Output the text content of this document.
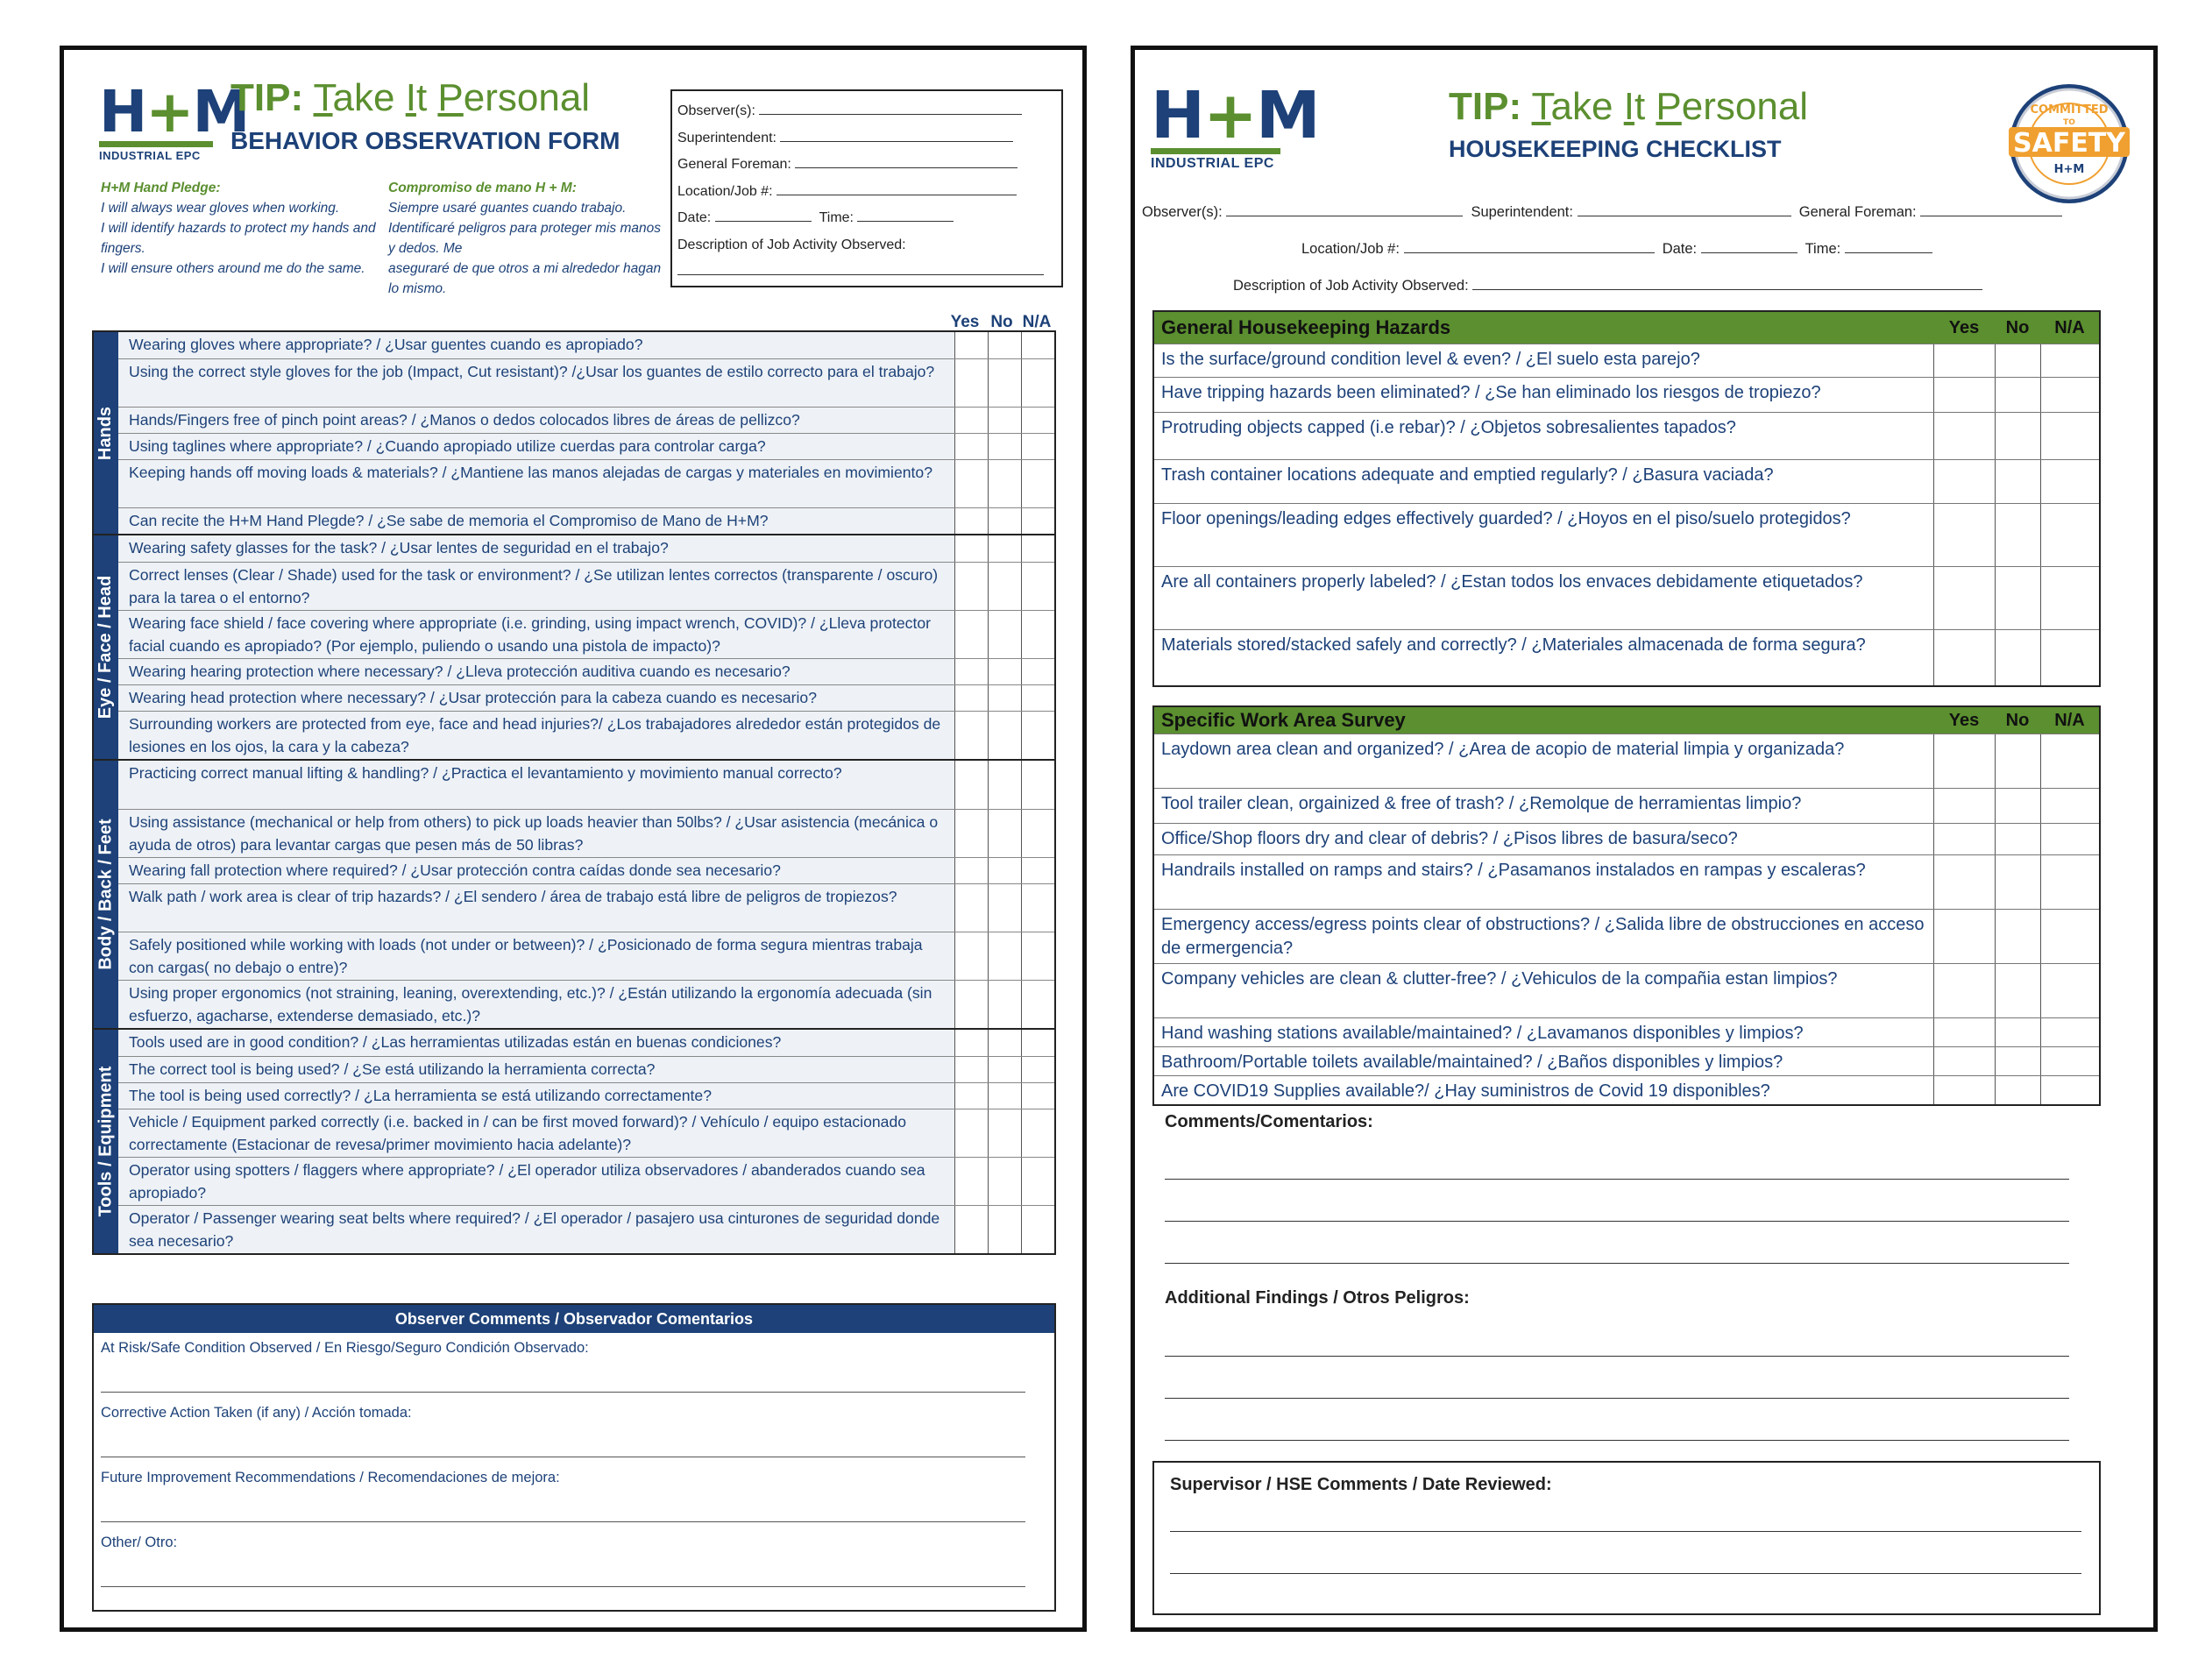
H+M
INDUSTRIAL EPC
TIP: Take It Personal
BEHAVIOR OBSERVATION FORM
H+M Hand Pledge:
I will always wear gloves when working.
I will identify hazards to protect my hands and fingers.
I will ensure others around me do the same.
Compromiso de mano H + M:
Siempre usaré guantes cuando trabajo.
Identificaré peligros para proteger mis manos y dedos. Me
aseguraré de que otros a mi alrededor hagan lo mismo.
Observer(s):
Superintendent:
General Foreman:
Location/Job #:
Date:	Time:
Description of Job Activity Observed:
Yes No N/A
Hands
Wearing gloves where appropriate? / ¿Usar guentes cuando es apropiado?
Using the correct style gloves for the job (Impact, Cut resistant)? /¿Usar los guantes de estilo correcto para el trabajo?
Hands/Fingers free of pinch point areas? / ¿Manos o dedos colocados libres de áreas de pellizco?
Using taglines where appropriate? / ¿Cuando apropiado utilize cuerdas para controlar carga?
Keeping hands off moving loads & materials? / ¿Mantiene las manos alejadas de cargas y materiales en movimiento?
Can recite the H+M Hand Plegde? / ¿Se sabe de memoria el Compromiso de Mano de H+M?
Eye / Face / Head
Wearing safety glasses for the task? / ¿Usar lentes de seguridad en el trabajo?
Correct lenses (Clear / Shade) used for the task or environment? / ¿Se utilizan lentes correctos (transparente / oscuro) para la tarea o el entorno?
Wearing face shield / face covering where appropriate (i.e. grinding, using impact wrench, COVID)? / ¿Lleva protector facial cuando es apropiado? (Por ejemplo, puliendo o usando una pistola de impacto)?
Wearing hearing protection where necessary? / ¿Lleva protección auditiva cuando es necesario?
Wearing head protection where necessary? / ¿Usar protección para la cabeza cuando es necesario?
Surrounding workers are protected from eye, face and head injuries?/ ¿Los trabajadores alrededor están protegidos de lesiones en los ojos, la cara y la cabeza?
Body / Back / Feet
Practicing correct manual lifting & handling? / ¿Practica el levantamiento y movimiento manual correcto?
Using assistance (mechanical or help from others) to pick up loads heavier than 50lbs? / ¿Usar asistencia (mecánica o ayuda de otros) para levantar cargas que pesen más de 50 libras?
Wearing fall protection where required? / ¿Usar protección contra caídas donde sea necesario?
Walk path / work area is clear of trip hazards? / ¿El sendero / área de trabajo está libre de peligros de tropiezos?
Safely positioned while working with loads (not under or between)? / ¿Posicionado de forma segura mientras trabaja con cargas( no debajo o entre)?
Using proper ergonomics (not straining, leaning, overextending, etc.)? / ¿Están utilizando la ergonomía adecuada (sin esfuerzo, agacharse, extenderse demasiado, etc.)?
Tools / Equipment
Tools used are in good condition? / ¿Las herramientas utilizadas están en buenas condiciones?
The correct tool is being used? / ¿Se está utilizando la herramienta correcta?
The tool is being used correctly? / ¿La herramienta se está utilizando correctamente?
Vehicle / Equipment parked correctly (i.e. backed in / can be first moved forward)? / Vehículo / equipo estacionado correctamente (Estacionar de revesa/primer movimiento hacia adelante)?
Operator using spotters / flaggers where appropriate? / ¿El operador utiliza observadores / abanderados cuando sea apropiado?
Operator / Passenger wearing seat belts where required? / ¿El operador / pasajero usa cinturones de seguridad donde sea necesario?
Observer Comments / Observador Comentarios
At Risk/Safe Condition Observed / En Riesgo/Seguro Condición Observado:
Corrective Action Taken (if any) / Acción tomada:
Future Improvement Recommendations / Recomendaciones de mejora:
Other/ Otro:
H+M
INDUSTRIAL EPC
TIP: Take It Personal
HOUSEKEEPING CHECKLIST
COMMITTED
TO
SAFETY
H+M
Observer(s):	Superintendent:	General Foreman:
Location/Job #:	Date:	Time:
Description of Job Activity Observed:
General Housekeeping Hazards	Yes	No	N/A
Is the surface/ground condition level & even? / ¿El suelo esta parejo?
Have tripping hazards been eliminated? / ¿Se han eliminado los riesgos de tropiezo?
Protruding objects capped (i.e rebar)? / ¿Objetos sobresalientes tapados?
Trash container locations adequate and emptied regularly? / ¿Basura vaciada?
Floor openings/leading edges effectively guarded? / ¿Hoyos en el piso/suelo protegidos?
Are all containers properly labeled? / ¿Estan todos los envaces debidamente etiquetados?
Materials stored/stacked safely and correctly? / ¿Materiales almacenada de forma segura?
Specific Work Area Survey	Yes	No	N/A
Laydown area clean and organized? / ¿Area de acopio de material limpia y organizada?
Tool trailer clean, orgainized & free of trash? / ¿Remolque de herramientas limpio?
Office/Shop floors dry and clear of debris? / ¿Pisos libres de basura/seco?
Handrails installed on ramps and stairs? / ¿Pasamanos instalados en rampas y escaleras?
Emergency access/egress points clear of obstructions? / ¿Salida libre de obstrucciones en acceso de ermergencia?
Company vehicles are clean & clutter-free? / ¿Vehiculos de la compañia estan limpios?
Hand washing stations available/maintained? / ¿Lavamanos disponibles y limpios?
Bathroom/Portable toilets available/maintained? / ¿Baños disponibles y limpios?
Are COVID19 Supplies available?/ ¿Hay suministros de Covid 19 disponibles?
Comments/Comentarios:
Additional Findings / Otros Peligros:
Supervisor / HSE Comments / Date Reviewed:
